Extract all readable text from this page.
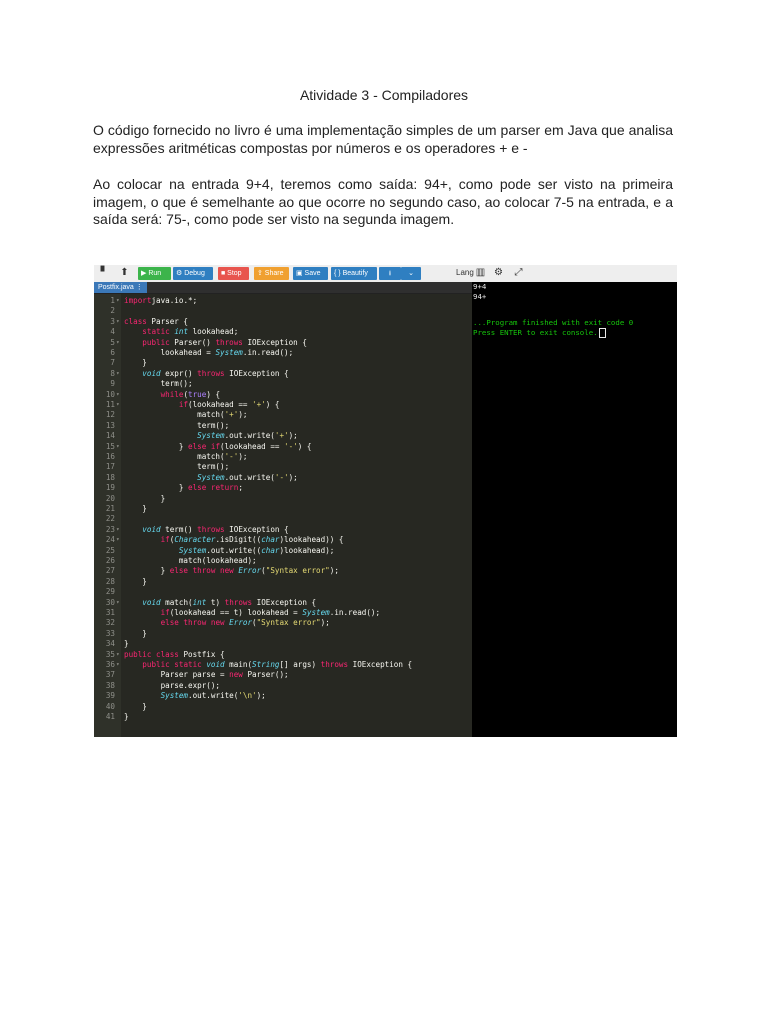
Atividade 3 - Compiladores

O código fornecido no livro é uma implementação simples de um parser em Java que analisa expressões aritméticas compostas por números e os operadores + e -

Ao colocar na entrada 9+4, teremos como saída: 94+, como pode ser visto na primeira imagem, o que é semelhante ao que ocorre no segundo caso, ao colocar 7-5 na entrada, e a saída será: 75-, como pode ser visto na segunda imagem.

▘ ⬆	▶ Run	⚙ Debug	■ Stop	⇪ Share	▣ Save	{ } Beautify	⭳	⌄	Lang ▥ ⚙ ⤢
Postfix.java ⋮
1 ▾ importjava.io.*;
2
3 ▾ class Parser {
4	static int lookahead;
5 ▾	public Parser() throws IOException {
6 lookahead = System.in.read();
7 }
8 ▾	void expr() throws IOException {
9 term();
10 ▾	while(true) {
11 ▾	if(lookahead == '+') {
12 match('+');
13 term();
14	System.out.write('+');
15 ▾ } else if(lookahead == '-') {
16 match('-');
17 term();
18	System.out.write('-');
19 } else return;
20 }
21 }
22
23 ▾	void term() throws IOException {
24 ▾	if(Character.isDigit((char)lookahead)) {
25	System.out.write((char)lookahead);
26 match(lookahead);
27 } else throw new Error("Syntax error");
28 }
29
30 ▾	void match(int t) throws IOException {
31	if(lookahead == t) lookahead = System.in.read();
32	else throw new Error("Syntax error");
33 }
34 }
35 ▾ public class Postfix {
36 ▾	public static void main(String[] args) throws IOException {
37 Parser parse = new Parser();
38 parse.expr();
39	System.out.write('\n');
40 }
41 }
9+4
94+
...Program finished with exit code 0
Press ENTER to exit console.
